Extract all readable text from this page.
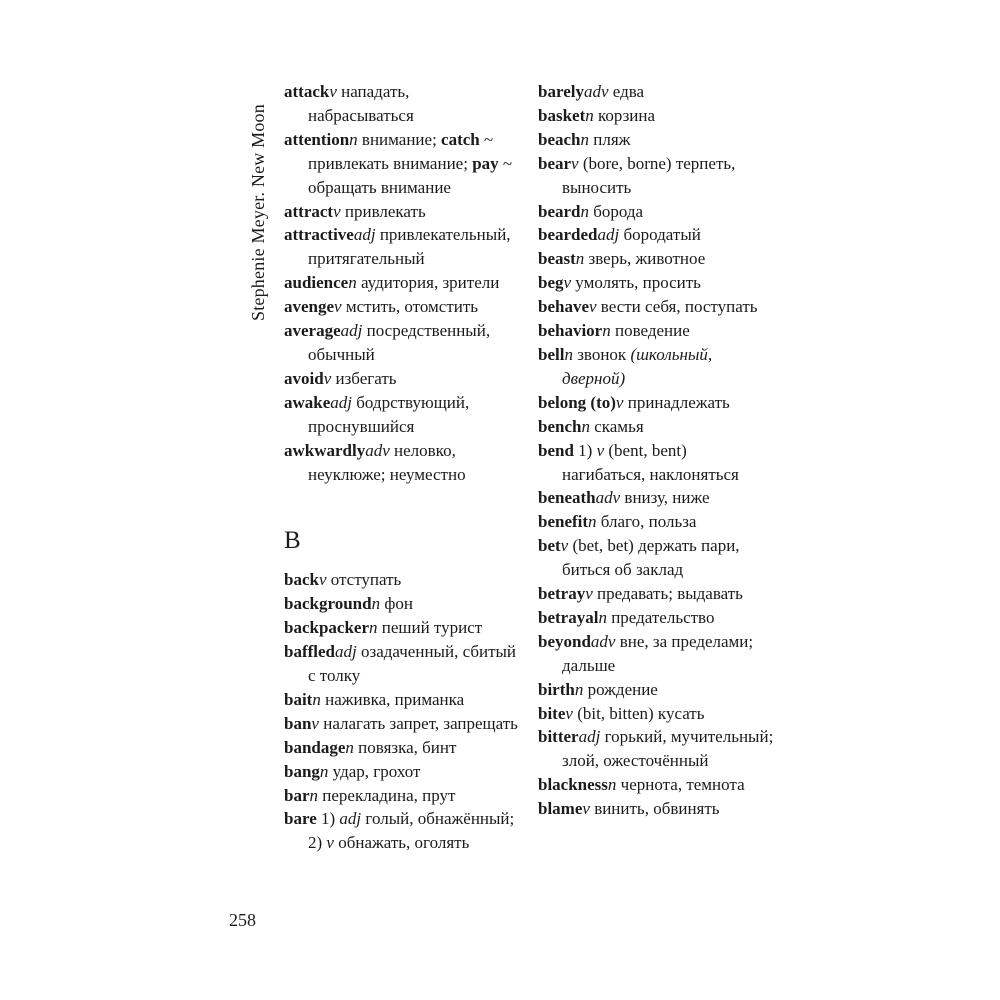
Stephenie Meyer. New Moon
attackv нападать, набрасываться
attentionn внимание; catch ~ привлекать внимание; pay ~ обращать внимание
attractv привлекать
attractiveadj привлекательный, притягательный
audiencen аудитория, зрители
avengev мстить, отомстить
averageadj посредственный, обычный
avoidv избегать
awakeadj бодрствующий, проснувшийся
awkwardlyadv неловко, неуклюже; неуместно
B
backv отступать
backgroundn фон
backpackern пеший турист
baffledadj озадаченный, сбитый с толку
baitn наживка, приманка
banv налагать запрет, запрещать
bandagen повязка, бинт
bangn удар, грохот
barn перекладина, прут
bare 1) adj голый, обнажённый; 2) v обнажать, оголять
barelyadv едва
basketn корзина
beachn пляж
bearv (bore, borne) терпеть, выносить
beardn борода
beardedadj бородатый
beastn зверь, животное
begv умолять, просить
behavev вести себя, поступать
behaviorn поведение
belln звонок (школьный, дверной)
belong (to)v принадлежать
benchn скамья
bend 1) v (bent, bent) нагибаться, наклоняться
beneathadv внизу, ниже
benefitn благо, польза
betv (bet, bet) держать пари, биться об заклад
betrayv предавать; выдавать
betrayaln предательство
beyondadv вне, за пределами; дальше
birthn рождение
bitev (bit, bitten) кусать
bitteradj горький, мучительный; злой, ожесточённый
blacknessn чернота, темнота
blamev винить, обвинять
258
